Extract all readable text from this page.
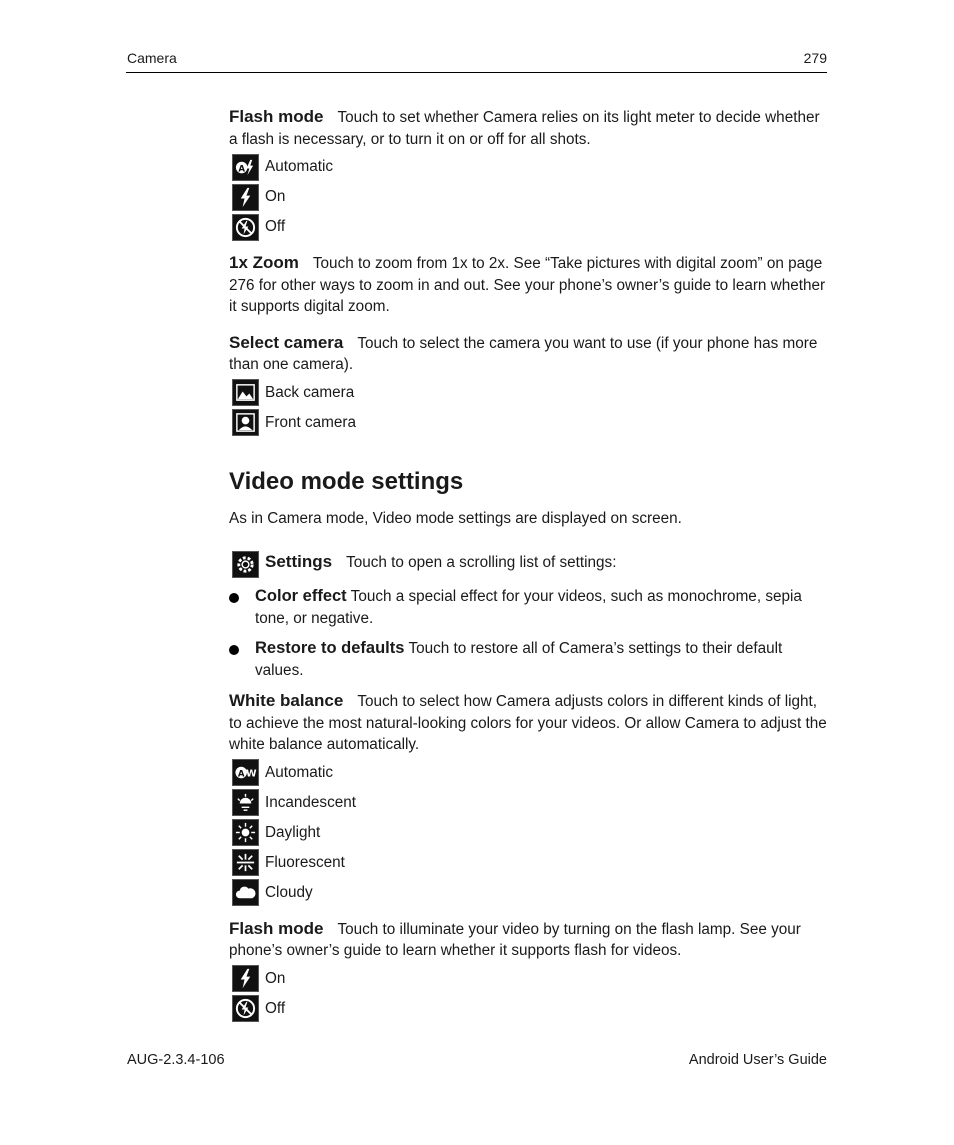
Camera	279

Flash mode Touch to set whether Camera relies on its light meter to decide whether a flash is necessary, or to turn it on or off for all shots.

A Automatic
On
Off

1x Zoom Touch to zoom from 1x to 2x. See “Take pictures with digital zoom” on page 276 for other ways to zoom in and out. See your phone’s owner’s guide to learn whether it supports digital zoom.

Select camera Touch to select the camera you want to use (if your phone has more than one camera).

Back camera
Front camera
Video mode settings

As in Camera mode, Video mode settings are displayed on screen.

Settings Touch to open a scrolling list of settings:
Color effect Touch a special effect for your videos, such as monochrome, sepia tone, or negative.
Restore to defaults Touch to restore all of Camera’s settings to their default values.

White balance Touch to select how Camera adjusts colors in different kinds of light, to achieve the most natural-looking colors for your videos. Or allow Camera to adjust the white balance automatically.

A W Automatic
Incandescent
Daylight
Fluorescent
Cloudy

Flash mode Touch to illuminate your video by turning on the flash lamp. See your phone’s owner’s guide to learn whether it supports flash for videos.

On
Off
AUG-2.3.4-106	Android User’s Guide
